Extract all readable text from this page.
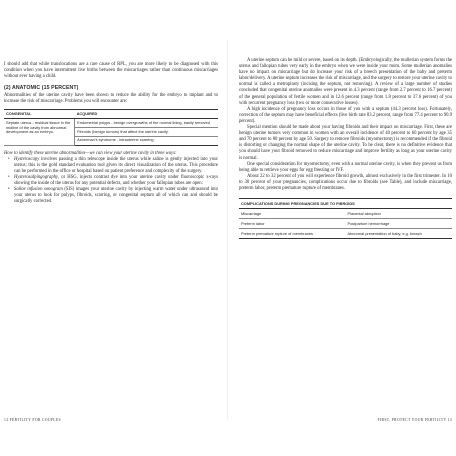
I should add that while translocations are a rare cause of RPL, you are more likely to be diagnosed with this condition when you have intermittent live births between the miscarriages rather than continuous miscarriages without ever having a child.

(2) ANATOMIC (15 PERCENT)

Abnormalities of the uterine cavity have been shown to reduce the ability for the embryo to implant and to increase the risk of miscarriage. Problems you will encounter are:

CONGENITAL	ACQUIRED
Septate uterus - residual tissue in the midline of the cavity from abnormal development as an embryo.	Endometrial polyps - benign overgrowths of the normal lining, easily removed
	Fibroids (benign tumors) that affect the uterine cavity.
	Asherman’s syndrome - intrauterine scarring

How to identify these uterine abnormalities—we can view your uterine cavity in three ways:

• Hysteroscopy involves passing a thin telescope inside the uterus while saline is gently injected into your uterus; this is the gold standard evaluation tool given its direct visualization of the uterus. This procedure can be performed in the office or hospital based on patient preference and complexity of the surgery.
• Hysterosalpingography, or HSG, injects contrast dye into your uterine cavity under fluoroscopic x-rays showing the inside of the uterus for any potential defects, and whether your fallopian tubes are open:
• Saline infusion sonogram (SIS) images your uterine cavity by injecting warm water under ultrasound into your uterus to look for polyps, fibroids, scarring, or congenital septum all of which can and should be surgically corrected.
12 FERTILITY FOR COUPLES

A uterine septum can be mild or severe, based on its depth. (Embryologically, the mullerian system forms the uterus and fallopian tubes very early in the embryo when we were inside your mom. Some mullerian anomalies have no impact on miscarriage but do increase your risk of a breech presentation of the baby and preterm labor/delivery. A uterine septum increases the risk of miscarriage, and the surgery to restore your uterine cavity to normal is called a metroplasty (incising the septum, not removing). A review of a large number of studies concluded that congenital uterine anomalies were present in 4.3 percent (range from 2.7 percent to 16.7 percent) of the general population of fertile women and in 12.6 percent (range from 1.8 percent to 37.6 percent) of you with recurrent pregnancy loss (two or more consecutive losses).

A high incidence of pregnancy loss occurs in those of you with a septum (44.3 percent loss). Fortunately, correction of the septum may have beneficial effects (live birth rate 83.2 percent, range from 77.4 percent to 90.9 percent).

Special mention should be made about your having fibroids and their impact on miscarriage. First, these are benign uterine tumors very common in women with an overall incidence of 40 percent to 60 percent by age 35 and 70 percent to 80 percent by age 50. Surgery to remove fibroids (myomectomy) is recommended if the fibroid is distorting or changing the normal shape of the uterine cavity. To be clear, there is no definitive evidence that you should have your fibroid removed to reduce miscarriage and improve fertility as long as your uterine cavity is normal.

One special consideration for myomectomy, even with a normal uterine cavity, is when they prevent us from being able to retrieve your eggs for egg freezing or IVF.

About 22 to 32 percent of you will experience fibroid growth, almost exclusively in the first trimester. In 10 to 30 percent of your pregnancies, complications occur due to fibroids (see Table), and include miscarriage, preterm labor, preterm premature rupture of membranes.

COMPLICATIONS DURING PREGNANCIES DUE TO FIBROIDS	
Miscarriage	Placental abruption
Preterm labor	Postpartum hemorrhage
Preterm premature rupture of membranes	Abnormal presentation of baby, e.g. breach
FIRST, PROTECT YOUR FERTILITY 13
